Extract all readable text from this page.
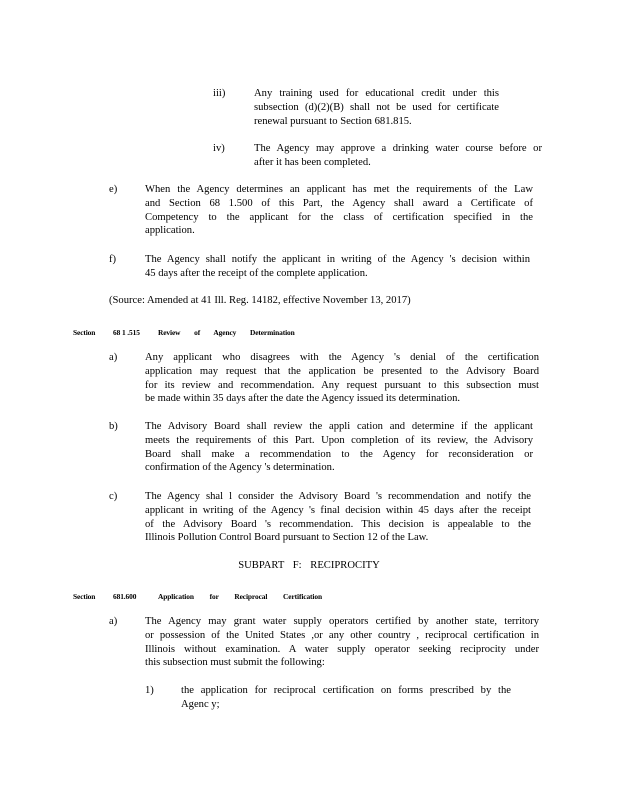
iii)	Any training used for educational credit under this

subsection (d)(2)(B) shall not be used for certificate

renewal pursuant to Section 681.815.

iv)	The Agency may approve a drinking water course before or

after it has been completed.

e)	When the Agency determines an applicant has met the requirements of the Law

and Section 68 1.500 of this Part, the Agency shall award a Certificate of

Competency to the applicant for the class of certification specified in the

application.

f)	The Agency shall notify the applicant in writing of the Agency 's decision within

45 days after the receipt of the complete application.

(Source: Amended at 41 Ill. Reg. 14182, effective November 13, 2017)
Section 68 1 .515 Review of Agency Determination
a)	Any applicant who disagrees with the Agency 's denial of the certification

application may request that the application be presented to the Advisory Board

for its review and recommendation. Any request pursuant to this subsection must

be made within 35 days after the date the Agency issued its determination.

b)	The Advisory Board shall review the appli cation and determine if the applicant

meets the requirements of this Part. Upon completion of its review, the Advisory

Board shall make a recommendation to the Agency for reconsideration or

confirmation of the Agency 's determination.

c)	The Agency shal l consider the Advisory Board 's recommendation and notify the

applicant in writing of the Agency 's final decision within 45 days after the receipt

of the Advisory Board 's recommendation. This decision is appealable to the

Illinois Pollution Control Board pursuant to Section 12 of the Law.

SUBPART F: RECIPROCITY
Section 681.600	Application for Reciprocal Certification
a)	The Agency may grant water supply operators certified by another state, territory

or possession of the United States ,or any other country , reciprocal certification in

Illinois without examination. A water supply operator seeking reciprocity under

this subsection must submit the following:

1)	the application for reciprocal certification on forms prescribed by the

Agenc y;
